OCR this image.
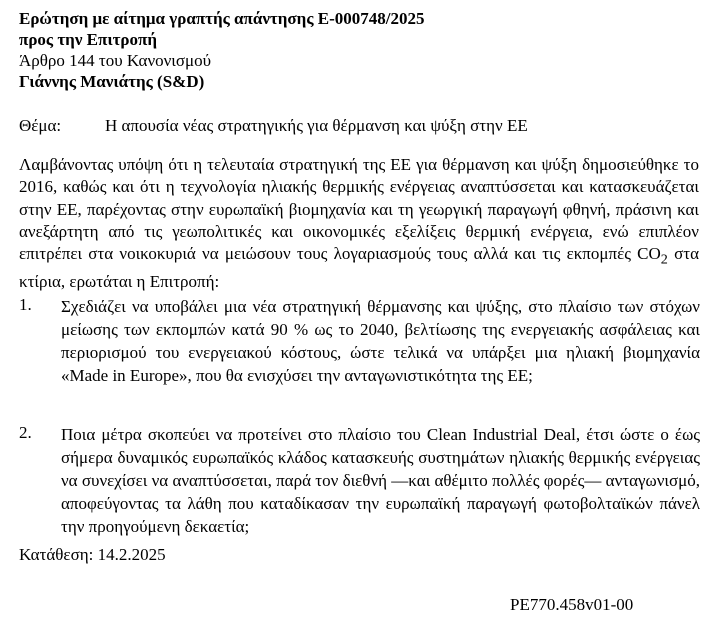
Ερώτηση με αίτημα γραπτής απάντησης E-000748/2025
προς την Επιτροπή
Άρθρο 144 του Κανονισμού
Γιάννης Μανιάτης (S&D)
Θέμα:	Η απουσία νέας στρατηγικής για θέρμανση και ψύξη στην ΕΕ
Λαμβάνοντας υπόψη ότι η τελευταία στρατηγική της ΕΕ για θέρμανση και ψύξη δημοσιεύθηκε το 2016, καθώς και ότι η τεχνολογία ηλιακής θερμικής ενέργειας αναπτύσσεται και κατασκευάζεται στην ΕΕ, παρέχοντας στην ευρωπαϊκή βιομηχανία και τη γεωργική παραγωγή φθηνή, πράσινη και ανεξάρτητη από τις γεωπολιτικές και οικονομικές εξελίξεις θερμική ενέργεια, ενώ επιπλέον επιτρέπει στα νοικοκυριά να μειώσουν τους λογαριασμούς τους αλλά και τις εκπομπές $CO_2$ στα κτίρια, ερωτάται η Επιτροπή:
1.	Σχεδιάζει να υποβάλει μια νέα στρατηγική θέρμανσης και ψύξης, στο πλαίσιο των στόχων μείωσης των εκπομπών κατά 90 % ως το 2040, βελτίωσης της ενεργειακής ασφάλειας και περιορισμού του ενεργειακού κόστους, ώστε τελικά να υπάρξει μια ηλιακή βιομηχανία «Made in Europe», που θα ενισχύσει την ανταγωνιστικότητα της ΕΕ;
2.	Ποια μέτρα σκοπεύει να προτείνει στο πλαίσιο του Clean Industrial Deal, έτσι ώστε ο έως σήμερα δυναμικός ευρωπαϊκός κλάδος κατασκευής συστημάτων ηλιακής θερμικής ενέργειας να συνεχίσει να αναπτύσσεται, παρά τον διεθνή —και αθέμιτο πολλές φορές— ανταγωνισμό, αποφεύγοντας τα λάθη που καταδίκασαν την ευρωπαϊκή παραγωγή φωτοβολταϊκών πάνελ την προηγούμενη δεκαετία;
Κατάθεση: 14.2.2025
PE770.458v01-00
